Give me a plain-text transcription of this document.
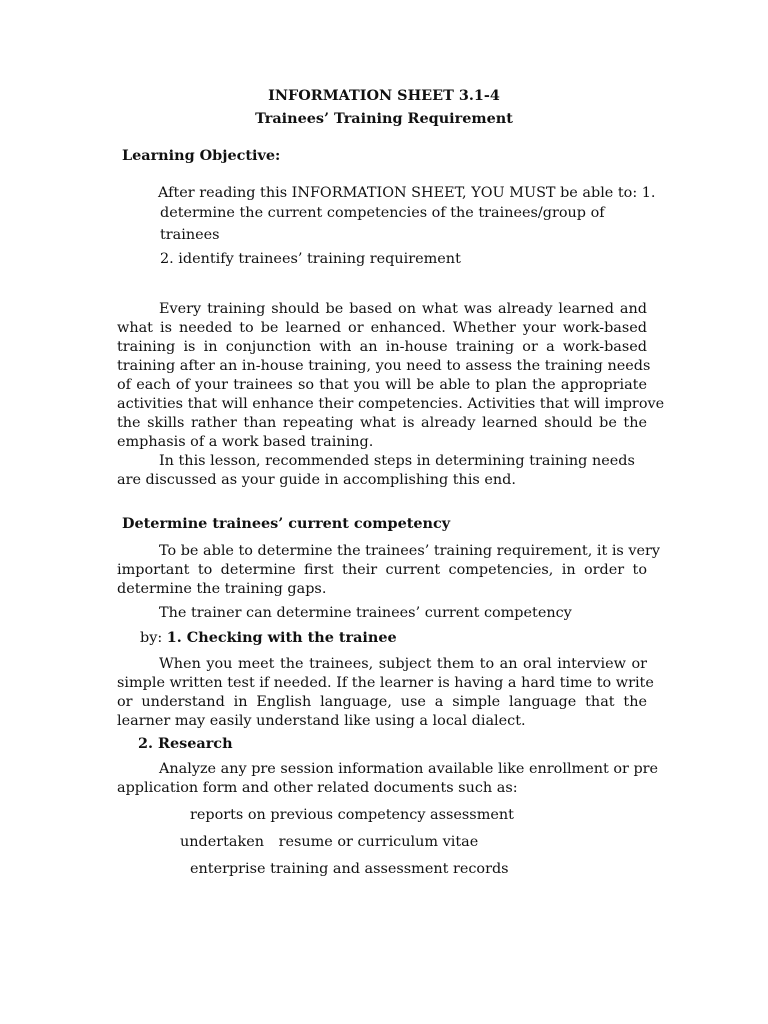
INFORMATION SHEET 3.1-4
Trainees’ Training Requirement
Learning Objective:
After reading this INFORMATION SHEET, YOU MUST be able to: 1.
determine the current competencies of the trainees/group of
trainees
2. identify trainees’ training requirement
Every training should be based on what was already learned and
what is needed to be learned or enhanced. Whether your work-based
training is in conjunction with an in-house training or a work-based
training after an in-house training, you need to assess the training needs
of each of your trainees so that you will be able to plan the appropriate
activities that will enhance their competencies. Activities that will improve
the skills rather than repeating what is already learned should be the
emphasis of a work based training.
In this lesson, recommended steps in determining training needs
are discussed as your guide in accomplishing this end.
Determine trainees’ current competency
To be able to determine the trainees’ training requirement, it is very
important to determine first their current competencies, in order to
determine the training gaps.
The trainer can determine trainees’ current competency
by: 1. Checking with the trainee
When you meet the trainees, subject them to an oral interview or
simple written test if needed. If the learner is having a hard time to write
or understand in English language, use a simple language that the
learner may easily understand like using a local dialect.
2. Research
Analyze any pre session information available like enrollment or pre
application form and other related documents such as:
reports on previous competency assessment
undertaken resume or curriculum vitae
enterprise training and assessment records
